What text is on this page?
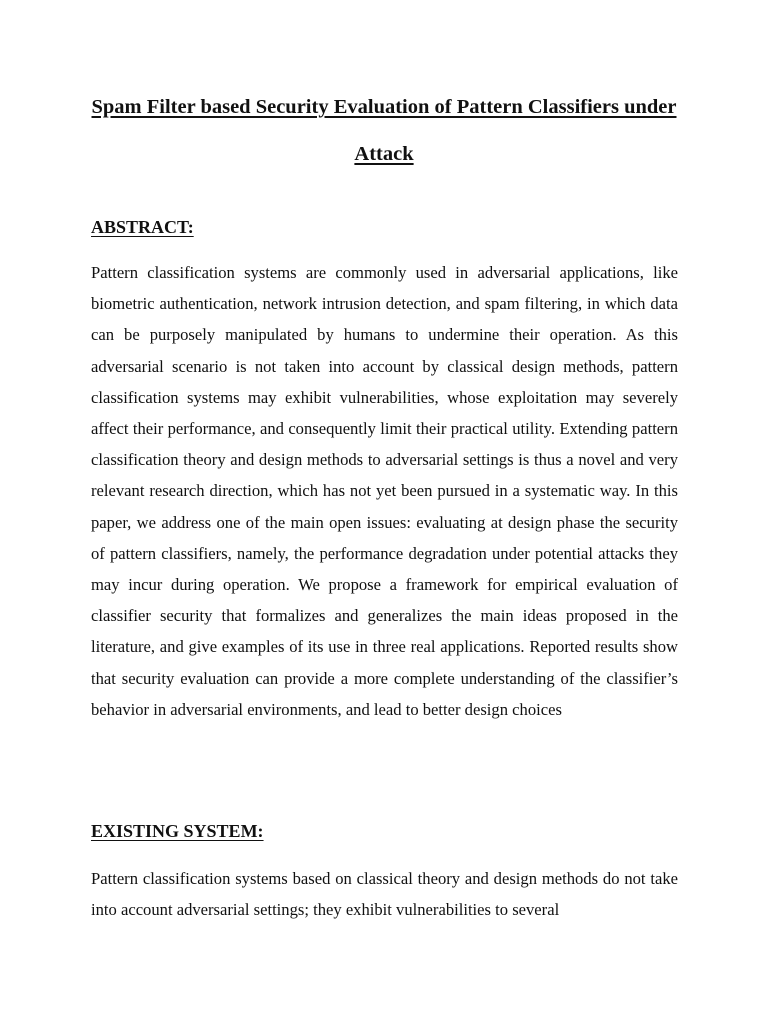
Spam Filter based Security Evaluation of Pattern Classifiers under Attack
ABSTRACT:

Pattern classification systems are commonly used in adversarial applications, like biometric authentication, network intrusion detection, and spam filtering, in which data can be purposely manipulated by humans to undermine their operation. As this adversarial scenario is not taken into account by classical design methods, pattern classification systems may exhibit vulnerabilities, whose exploitation may severely affect their performance, and consequently limit their practical utility. Extending pattern classification theory and design methods to adversarial settings is thus a novel and very relevant research direction, which has not yet been pursued in a systematic way. In this paper, we address one of the main open issues: evaluating at design phase the security of pattern classifiers, namely, the performance degradation under potential attacks they may incur during operation. We propose a framework for empirical evaluation of classifier security that formalizes and generalizes the main ideas proposed in the literature, and give examples of its use in three real applications. Reported results show that security evaluation can provide a more complete understanding of the classifier’s behavior in adversarial environments, and lead to better design choices

EXISTING SYSTEM:

Pattern classification systems based on classical theory and design methods do not take into account adversarial settings; they exhibit vulnerabilities to several
